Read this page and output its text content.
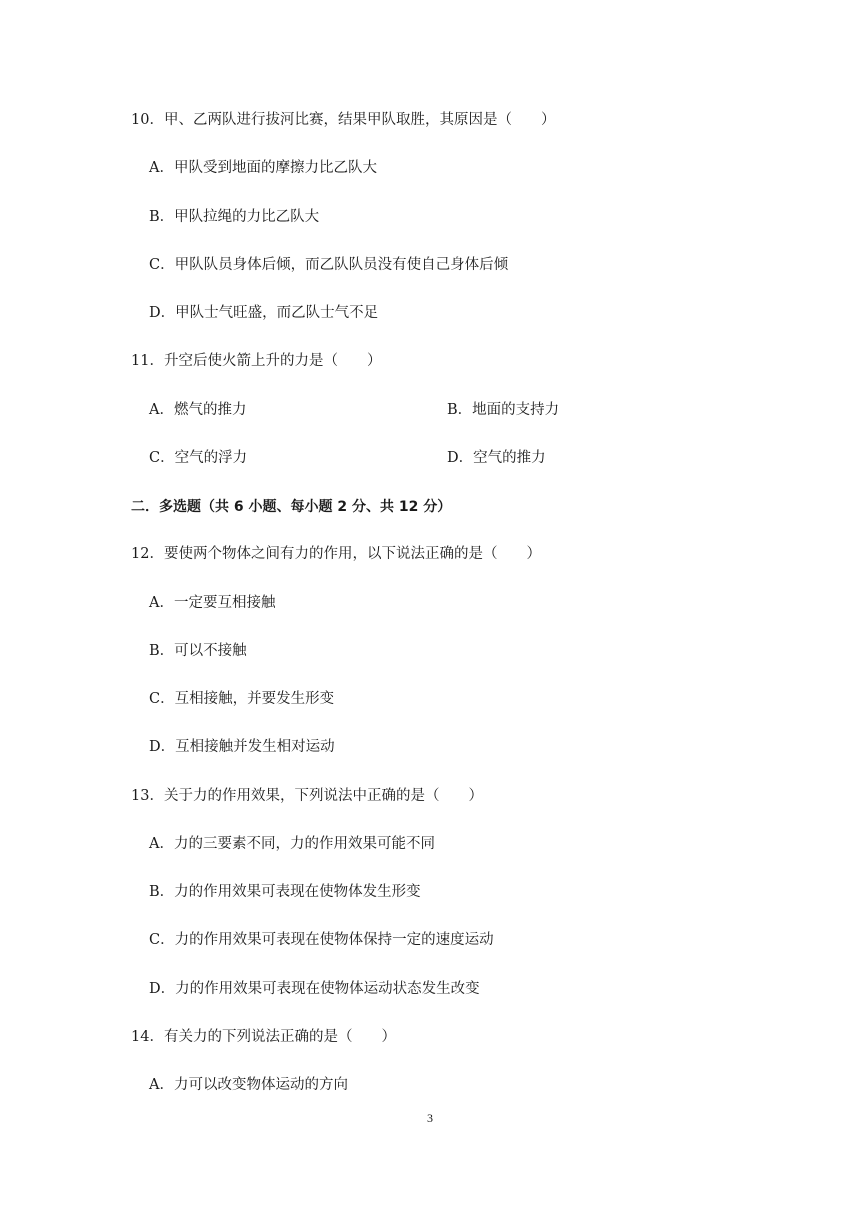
10．甲、乙两队进行拔河比赛，结果甲队取胜，其原因是（　　）
A．甲队受到地面的摩擦力比乙队大
B．甲队拉绳的力比乙队大
C．甲队队员身体后倾，而乙队队员没有使自己身体后倾
D．甲队士气旺盛，而乙队士气不足
11．升空后使火箭上升的力是（　　）
A．燃气的推力	B．地面的支持力
C．空气的浮力	D．空气的推力
二．多选题（共 6 小题、每小题 2 分、共 12 分）
12．要使两个物体之间有力的作用，以下说法正确的是（　　）
A．一定要互相接触
B．可以不接触
C．互相接触，并要发生形变
D．互相接触并发生相对运动
13．关于力的作用效果，下列说法中正确的是（　　）
A．力的三要素不同，力的作用效果可能不同
B．力的作用效果可表现在使物体发生形变
C．力的作用效果可表现在使物体保持一定的速度运动
D．力的作用效果可表现在使物体运动状态发生改变
14．有关力的下列说法正确的是（　　）
A．力可以改变物体运动的方向
3
